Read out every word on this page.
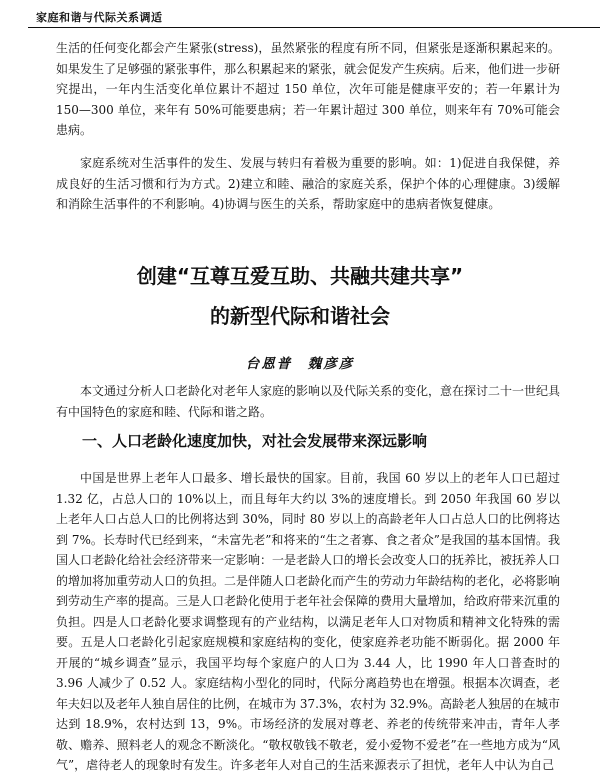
家庭和谐与代际关系调适

生活的任何变化都会产生紧张(stress)，虽然紧张的程度有所不同，但紧张是逐渐积累起来的。如果发生了足够强的紧张事件，那么积累起来的紧张，就会促发产生疾病。后来，他们进一步研究提出，一年内生活变化单位累计不超过 150 单位，次年可能是健康平安的；若一年累计为 150—300 单位，来年有 50%可能要患病；若一年累计超过 300 单位，则来年有 70%可能会患病。

家庭系统对生活事件的发生、发展与转归有着极为重要的影响。如：1)促进自我保健，养成良好的生活习惯和行为方式。2)建立和睦、融洽的家庭关系，保护个体的心理健康。3)缓解和消除生活事件的不利影响。4)协调与医生的关系，帮助家庭中的患病者恢复健康。

创建“互尊互爱互助、共融共建共享”
的新型代际和谐社会

台恩普　魏彦彦

本文通过分析人口老龄化对老年人家庭的影响以及代际关系的变化，意在探讨二十一世纪具有中国特色的家庭和睦、代际和谐之路。

一、人口老龄化速度加快，对社会发展带来深远影响

中国是世界上老年人口最多、增长最快的国家。目前，我国 60 岁以上的老年人口已超过 1.32 亿，占总人口的 10%以上，而且每年大约以 3%的速度增长。到 2050 年我国 60 岁以上老年人口占总人口的比例将达到 30%，同时 80 岁以上的高龄老年人口占总人口的比例将达到 7%。长寿时代已经到来，“未富先老”和将来的“生之者寡、食之者众”是我国的基本国情。我国人口老龄化给社会经济带来一定影响：一是老龄人口的增长会改变人口的抚养比，被抚养人口的增加将加重劳动人口的负担。二是伴随人口老龄化而产生的劳动力年龄结构的老化，必将影响到劳动生产率的提高。三是人口老龄化使用于老年社会保障的费用大量增加，给政府带来沉重的负担。四是人口老龄化要求调整现有的产业结构，以满足老年人口对物质和精神文化特殊的需要。五是人口老龄化引起家庭规模和家庭结构的变化，使家庭养老功能不断弱化。据 2000 年开展的“城乡调查”显示，我国平均每个家庭户的人口为 3.44 人，比 1990 年人口普查时的 3.96 人减少了 0.52 人。家庭结构小型化的同时，代际分离趋势也在增强。根据本次调查，老年夫妇以及老年人独自居住的比例，在城市为 37.3%，农村为 32.9%。高龄老人独居的在城市达到 18.9%，农村达到 13，9%。市场经济的发展对尊老、养老的传统带来冲击，青年人孝敬、赡养、照料老人的观念不断淡化。“敬权敬钱不敬老，爱小爱物不爱老”在一些地方成为“风气”，虐待老人的现象时有发生。许多老年人对自己的生活来源表示了担忧，老年人中认为自己
